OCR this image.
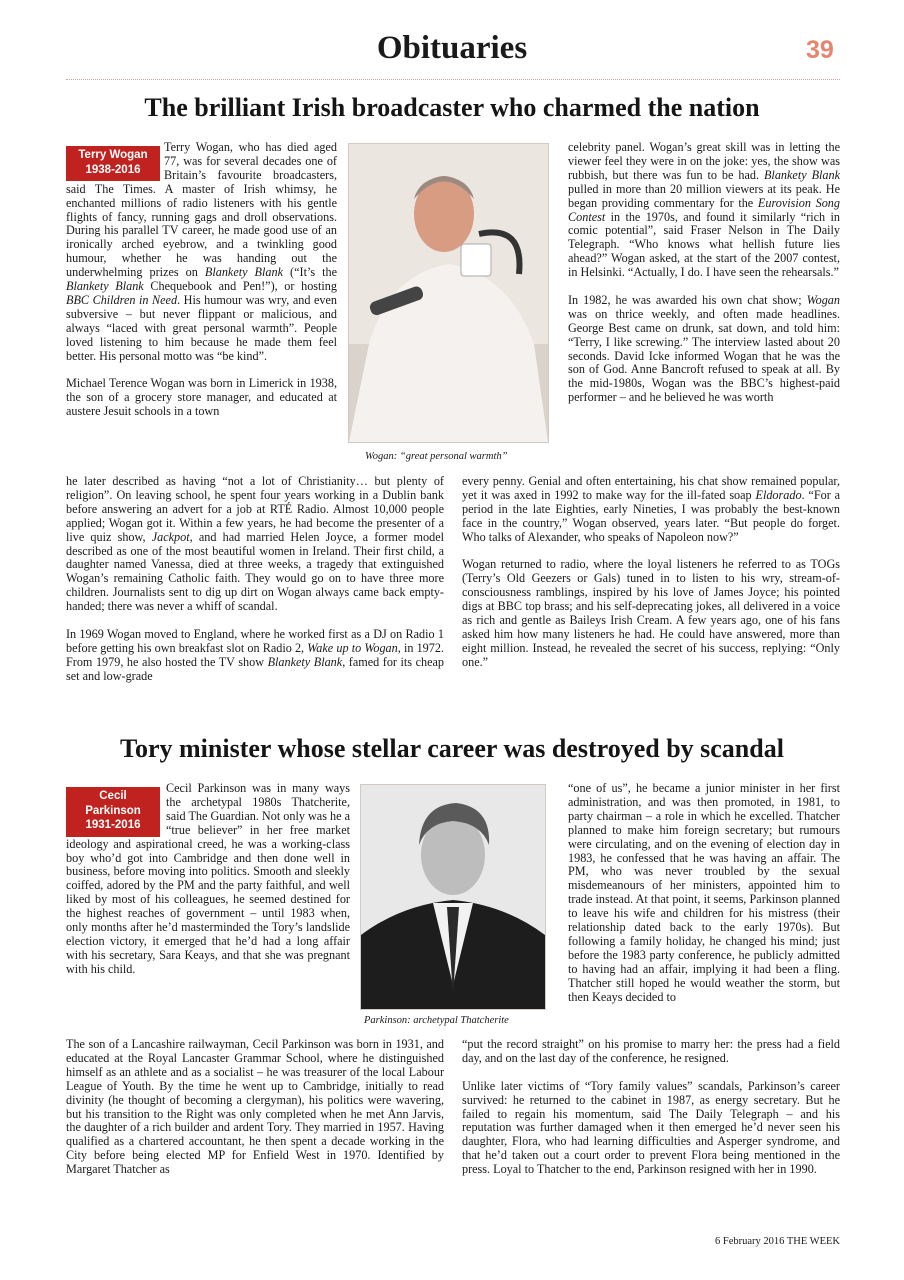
Obituaries	39
The brilliant Irish broadcaster who charmed the nation
Terry Wogan
1938-2016

Terry Wogan, who has died aged 77, was for several decades one of Britain’s favourite broadcasters, said The Times. A master of Irish whimsy, he enchanted millions of radio listeners with his gentle flights of fancy, running gags and droll observations. During his parallel TV career, he made good use of an ironically arched eyebrow, and a twinkling good humour, whether he was handing out the underwhelming prizes on Blankety Blank (“It’s the Blankety Blank Chequebook and Pen!”), or hosting BBC Children in Need. His humour was wry, and even subversive – but never flippant or malicious, and always “laced with great personal warmth”. People loved listening to him because he made them feel better. His personal motto was “be kind”.

Michael Terence Wogan was born in Limerick in 1938, the son of a grocery store manager, and educated at austere Jesuit schools in a town

Wogan: “great personal warmth”

he later described as having “not a lot of Christianity… but plenty of religion”. On leaving school, he spent four years working in a Dublin bank before answering an advert for a job at RTÉ Radio. Almost 10,000 people applied; Wogan got it. Within a few years, he had become the presenter of a live quiz show, Jackpot, and had married Helen Joyce, a former model described as one of the most beautiful women in Ireland. Their first child, a daughter named Vanessa, died at three weeks, a tragedy that extinguished Wogan’s remaining Catholic faith. They would go on to have three more children. Journalists sent to dig up dirt on Wogan always came back empty-handed; there was never a whiff of scandal.

In 1969 Wogan moved to England, where he worked first as a DJ on Radio 1 before getting his own breakfast slot on Radio 2, Wake up to Wogan, in 1972. From 1979, he also hosted the TV show Blankety Blank, famed for its cheap set and low-grade

celebrity panel. Wogan’s great skill was in letting the viewer feel they were in on the joke: yes, the show was rubbish, but there was fun to be had. Blankety Blank pulled in more than 20 million viewers at its peak. He began providing commentary for the Eurovision Song Contest in the 1970s, and found it similarly “rich in comic potential”, said Fraser Nelson in The Daily Telegraph. “Who knows what hellish future lies ahead?” Wogan asked, at the start of the 2007 contest, in Helsinki. “Actually, I do. I have seen the rehearsals.”

In 1982, he was awarded his own chat show; Wogan was on thrice weekly, and often made headlines. George Best came on drunk, sat down, and told him: “Terry, I like screwing.” The interview lasted about 20 seconds. David Icke informed Wogan that he was the son of God. Anne Bancroft refused to speak at all. By the mid-1980s, Wogan was the BBC’s highest-paid performer – and he believed he was worth

every penny. Genial and often entertaining, his chat show remained popular, yet it was axed in 1992 to make way for the ill-fated soap Eldorado. “For a period in the late Eighties, early Nineties, I was probably the best-known face in the country,” Wogan observed, years later. “But people do forget. Who talks of Alexander, who speaks of Napoleon now?”

Wogan returned to radio, where the loyal listeners he referred to as TOGs (Terry’s Old Geezers or Gals) tuned in to listen to his wry, stream-of-consciousness ramblings, inspired by his love of James Joyce; his pointed digs at BBC top brass; and his self-deprecating jokes, all delivered in a voice as rich and gentle as Baileys Irish Cream. A few years ago, one of his fans asked him how many listeners he had. He could have answered, more than eight million. Instead, he revealed the secret of his success, replying: “Only one.”

Tory minister whose stellar career was destroyed by scandal
Cecil
Parkinson
1931-2016

Cecil Parkinson was in many ways the archetypal 1980s Thatcherite, said The Guardian. Not only was he a “true believer” in her free market ideology and aspirational creed, he was a working-class boy who’d got into Cambridge and then done well in business, before moving into politics. Smooth and sleekly coiffed, adored by the PM and the party faithful, and well liked by most of his colleagues, he seemed destined for the highest reaches of government – until 1983 when, only months after he’d masterminded the Tory’s landslide election victory, it emerged that he’d had a long affair with his secretary, Sara Keays, and that she was pregnant with his child.

Parkinson: archetypal Thatcherite

“one of us”, he became a junior minister in her first administration, and was then promoted, in 1981, to party chairman – a role in which he excelled. Thatcher planned to make him foreign secretary; but rumours were circulating, and on the evening of election day in 1983, he confessed that he was having an affair. The PM, who was never troubled by the sexual misdemeanours of her ministers, appointed him to trade instead. At that point, it seems, Parkinson planned to leave his wife and children for his mistress (their relationship dated back to the early 1970s). But following a family holiday, he changed his mind; just before the 1983 party conference, he publicly admitted to having had an affair, implying it had been a fling. Thatcher still hoped he would weather the storm, but then Keays decided to

The son of a Lancashire railwayman, Cecil Parkinson was born in 1931, and educated at the Royal Lancaster Grammar School, where he distinguished himself as an athlete and as a socialist – he was treasurer of the local Labour League of Youth. By the time he went up to Cambridge, initially to read divinity (he thought of becoming a clergyman), his politics were wavering, but his transition to the Right was only completed when he met Ann Jarvis, the daughter of a rich builder and ardent Tory. They married in 1957. Having qualified as a chartered accountant, he then spent a decade working in the City before being elected MP for Enfield West in 1970. Identified by Margaret Thatcher as

“put the record straight” on his promise to marry her: the press had a field day, and on the last day of the conference, he resigned.

Unlike later victims of “Tory family values” scandals, Parkinson’s career survived: he returned to the cabinet in 1987, as energy secretary. But he failed to regain his momentum, said The Daily Telegraph – and his reputation was further damaged when it then emerged he’d never seen his daughter, Flora, who had learning difficulties and Asperger syndrome, and that he’d taken out a court order to prevent Flora being mentioned in the press. Loyal to Thatcher to the end, Parkinson resigned with her in 1990.

6 February 2016 THE WEEK
